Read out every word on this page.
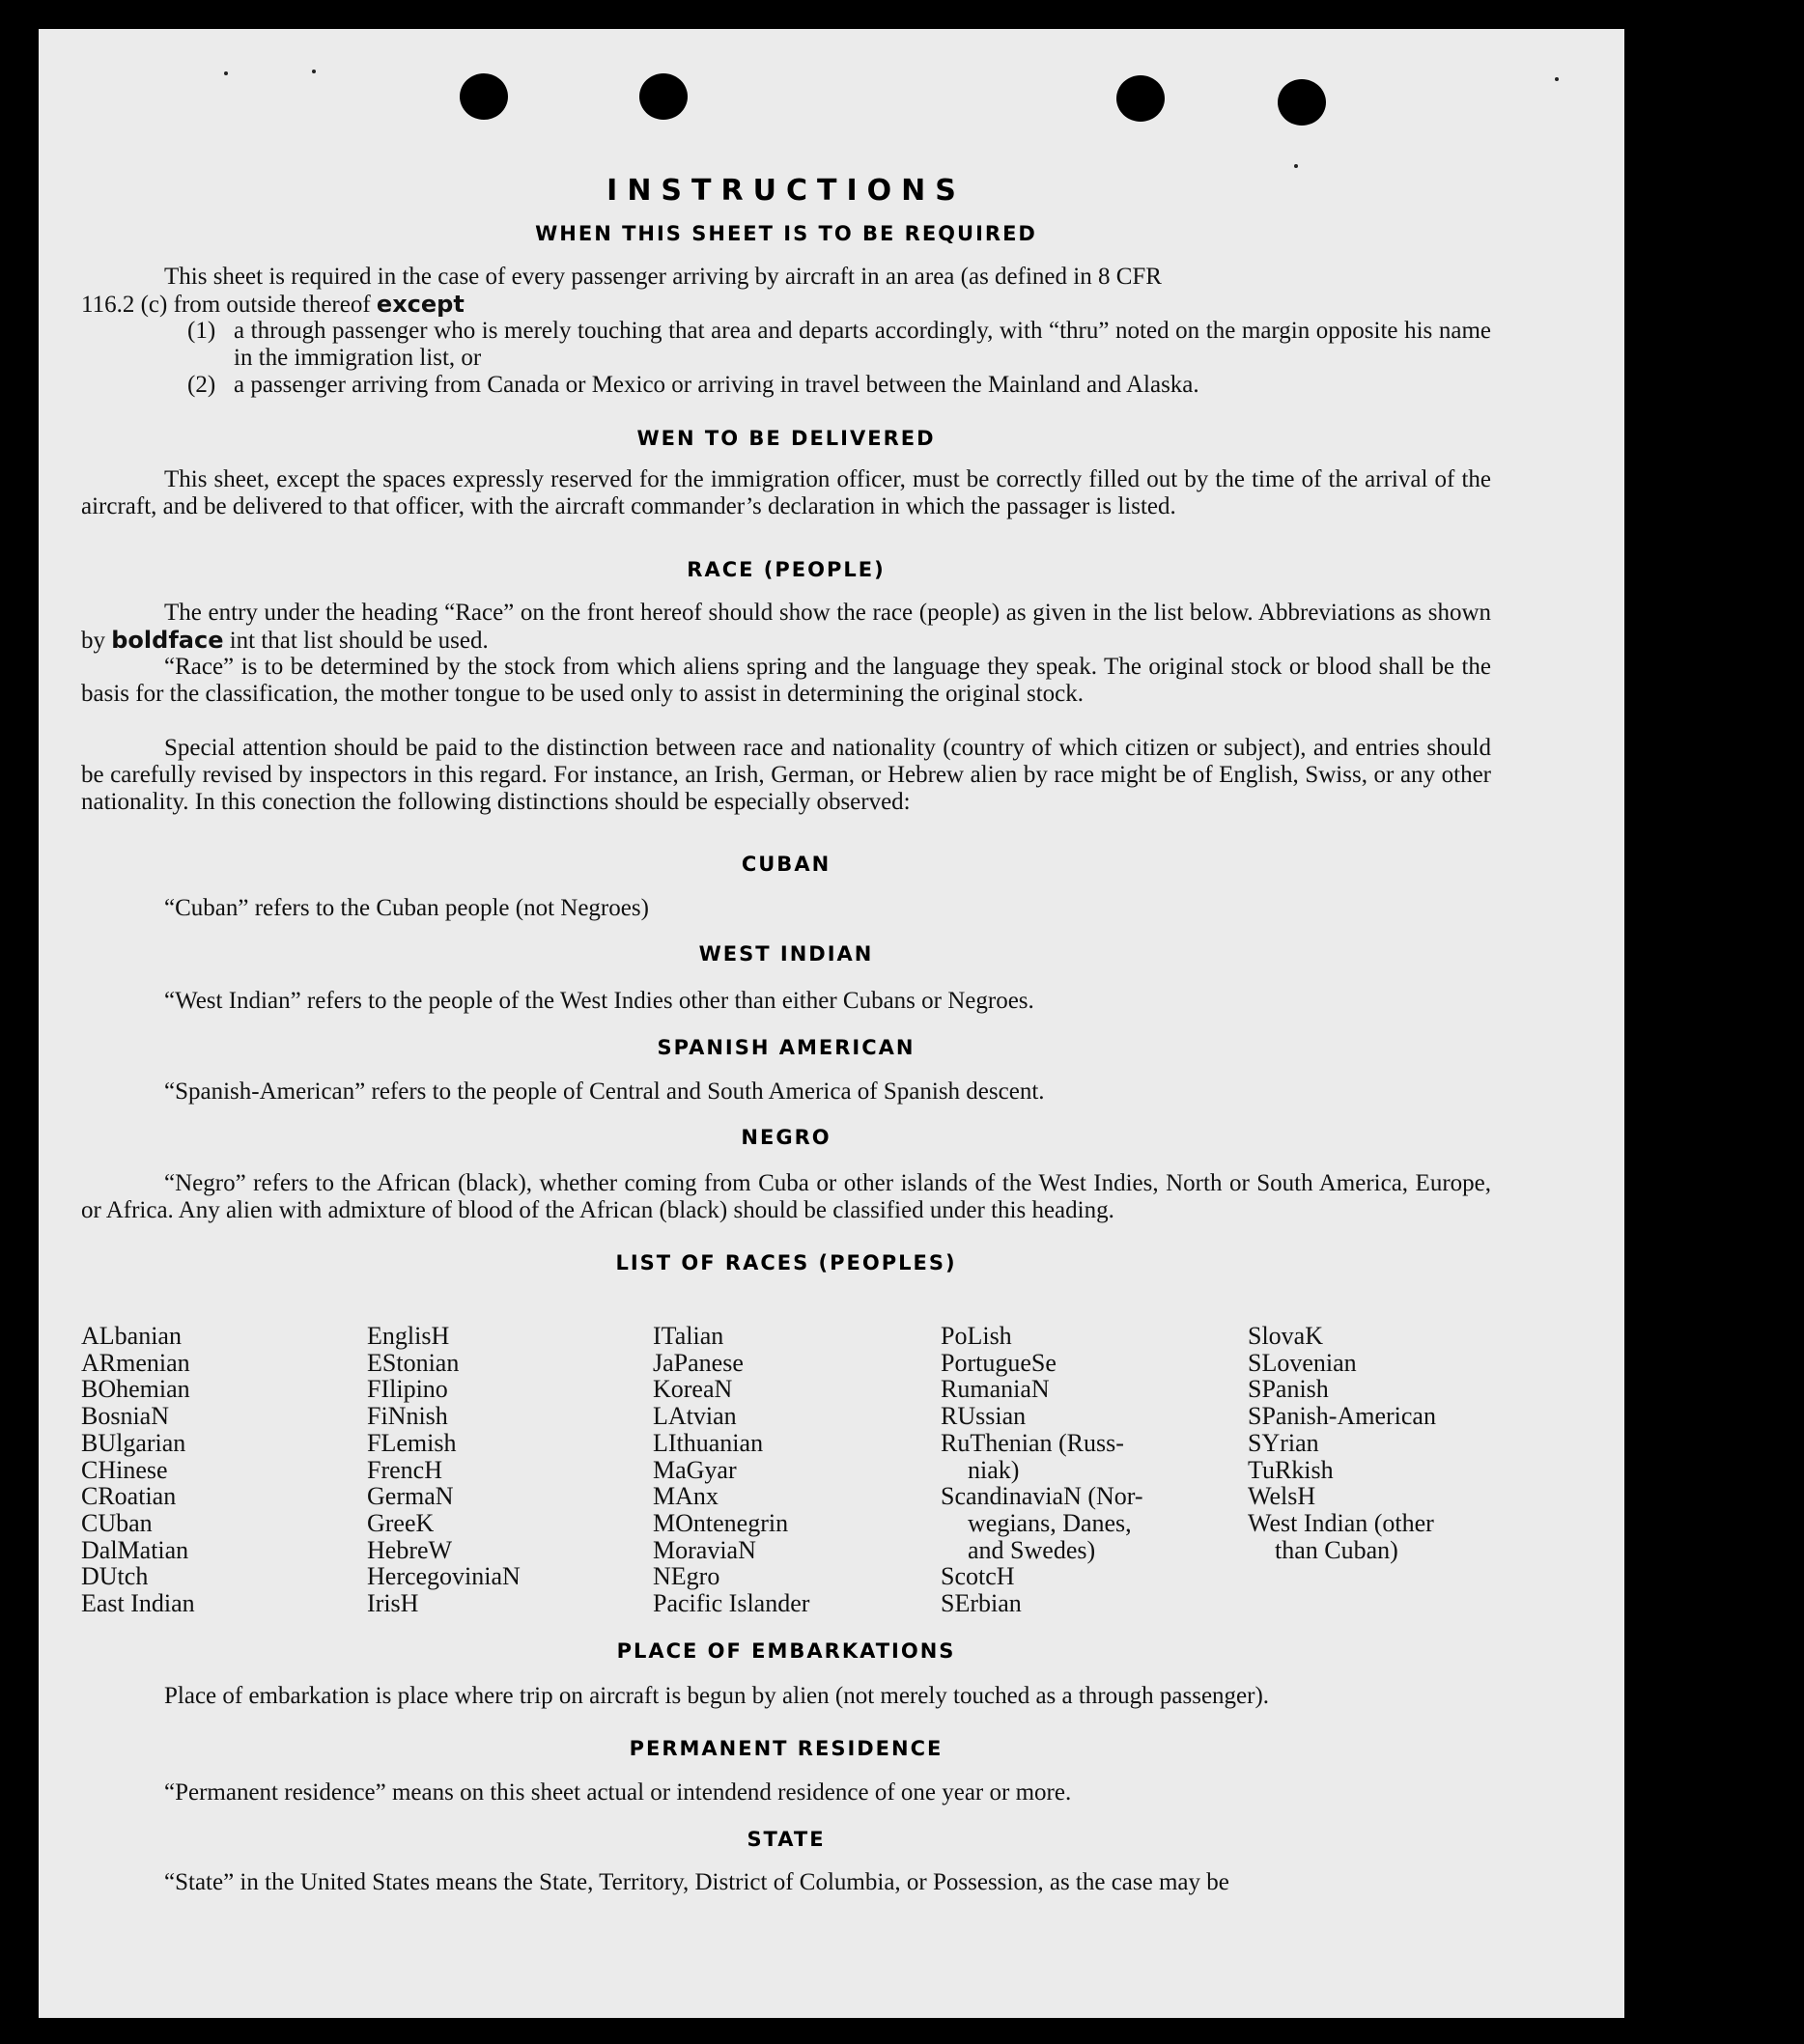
INSTRUCTIONS
WHEN THIS SHEET IS TO BE REQUIRED
This sheet is required in the case of every passenger arriving by aircraft in an area (as defined in 8 CFR
116.2 (c) from outside thereof except
(1) a through passenger who is merely touching that area and departs accordingly, with “thru” noted on the margin opposite his name in the immigration list, or
(2) a passenger arriving from Canada or Mexico or arriving in travel between the Mainland and Alaska.
WEN TO BE DELIVERED
This sheet, except the spaces expressly reserved for the immigration officer, must be correctly filled out by the time of the arrival of the aircraft, and be delivered to that officer, with the aircraft commander’s declaration in which the passager is listed.
RACE (PEOPLE)
The entry under the heading “Race” on the front hereof should show the race (people) as given in the list below. Abbreviations as shown by boldface int that list should be used.
“Race” is to be determined by the stock from which aliens spring and the language they speak. The original stock or blood shall be the basis for the classification, the mother tongue to be used only to assist in determining the original stock.
Special attention should be paid to the distinction between race and nationality (country of which citizen or subject), and entries should be carefully revised by inspectors in this regard. For instance, an Irish, German, or Hebrew alien by race might be of English, Swiss, or any other nationality. In this conection the following distinctions should be especially observed:
CUBAN
“Cuban” refers to the Cuban people (not Negroes)
WEST INDIAN
“West Indian” refers to the people of the West Indies other than either Cubans or Negroes.
SPANISH AMERICAN
“Spanish-American” refers to the people of Central and South America of Spanish descent.
NEGRO
“Negro” refers to the African (black), whether coming from Cuba or other islands of the West Indies, North or South America, Europe, or Africa. Any alien with admixture of blood of the African (black) should be classified under this heading.
LIST OF RACES (PEOPLES)
ALbanian
ARmenian
BOhemian
BosniaN
BUlgarian
CHinese
CRoatian
CUban
DalMatian
DUtch
East Indian
EnglisH
EStonian
FIlipino
FiNnish
FLemish
FrencH
GermaN
GreeK
HebreW
HercegoviniaN
IrisH
ITalian
JaPanese
KoreaN
LAtvian
LIthuanian
MaGyar
MAnx
MOntenegrin
MoraviaN
NEgro
Pacific Islander
PoLish
PortugueSe
RumaniaN
RUssian
RuThenian (Russ-
niak)
ScandinaviaN (Nor-
wegians, Danes,
and Swedes)
ScotcH
SErbian
SlovaK
SLovenian
SPanish
SPanish-American
SYrian
TuRkish
WelsH
West Indian (other
than Cuban)
PLACE OF EMBARKATIONS
Place of embarkation is place where trip on aircraft is begun by alien (not merely touched as a through passenger).
PERMANENT RESIDENCE
“Permanent residence” means on this sheet actual or intendend residence of one year or more.
STATE
“State” in the United States means the State, Territory, District of Columbia, or Possession, as the case may be
